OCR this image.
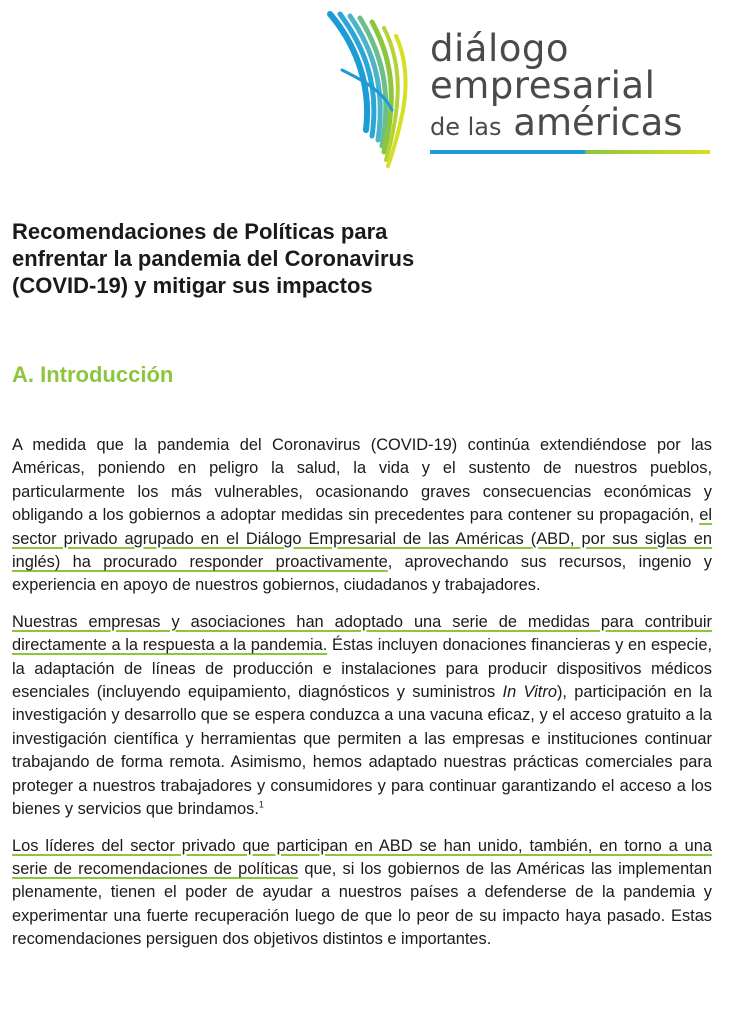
diálogo
empresarial
de las américas
Recomendaciones de Políticas para enfrentar la pandemia del Coronavirus (COVID-19) y mitigar sus impactos
A. Introducción

A medida que la pandemia del Coronavirus (COVID-19) continúa extendiéndose por las Américas, poniendo en peligro la salud, la vida y el sustento de nuestros pueblos, particularmente los más vulnerables, ocasionando graves consecuencias económicas y obligando a los gobiernos a adoptar medidas sin precedentes para contener su propagación, el sector privado agrupado en el Diálogo Empresarial de las Américas (ABD, por sus siglas en inglés) ha procurado responder proactivamente, aprovechando sus recursos, ingenio y experiencia en apoyo de nuestros gobiernos, ciudadanos y trabajadores.

Nuestras empresas y asociaciones han adoptado una serie de medidas para contribuir directamente a la respuesta a la pandemia. Éstas incluyen donaciones financieras y en especie, la adaptación de líneas de producción e instalaciones para producir dispositivos médicos esenciales (incluyendo equipamiento, diagnósticos y suministros In Vitro), participación en la investigación y desarrollo que se espera conduzca a una vacuna eficaz, y el acceso gratuito a la investigación científica y herramientas que permiten a las empresas e instituciones continuar trabajando de forma remota. Asimismo, hemos adaptado nuestras prácticas comerciales para proteger a nuestros trabajadores y consumidores y para continuar garantizando el acceso a los bienes y servicios que brindamos.$^1$

Los líderes del sector privado que participan en ABD se han unido, también, en torno a una serie de recomendaciones de políticas que, si los gobiernos de las Américas las implementan plenamente, tienen el poder de ayudar a nuestros países a defenderse de la pandemia y experimentar una fuerte recuperación luego de que lo peor de su impacto haya pasado. Estas recomendaciones persiguen dos objetivos distintos e importantes.
